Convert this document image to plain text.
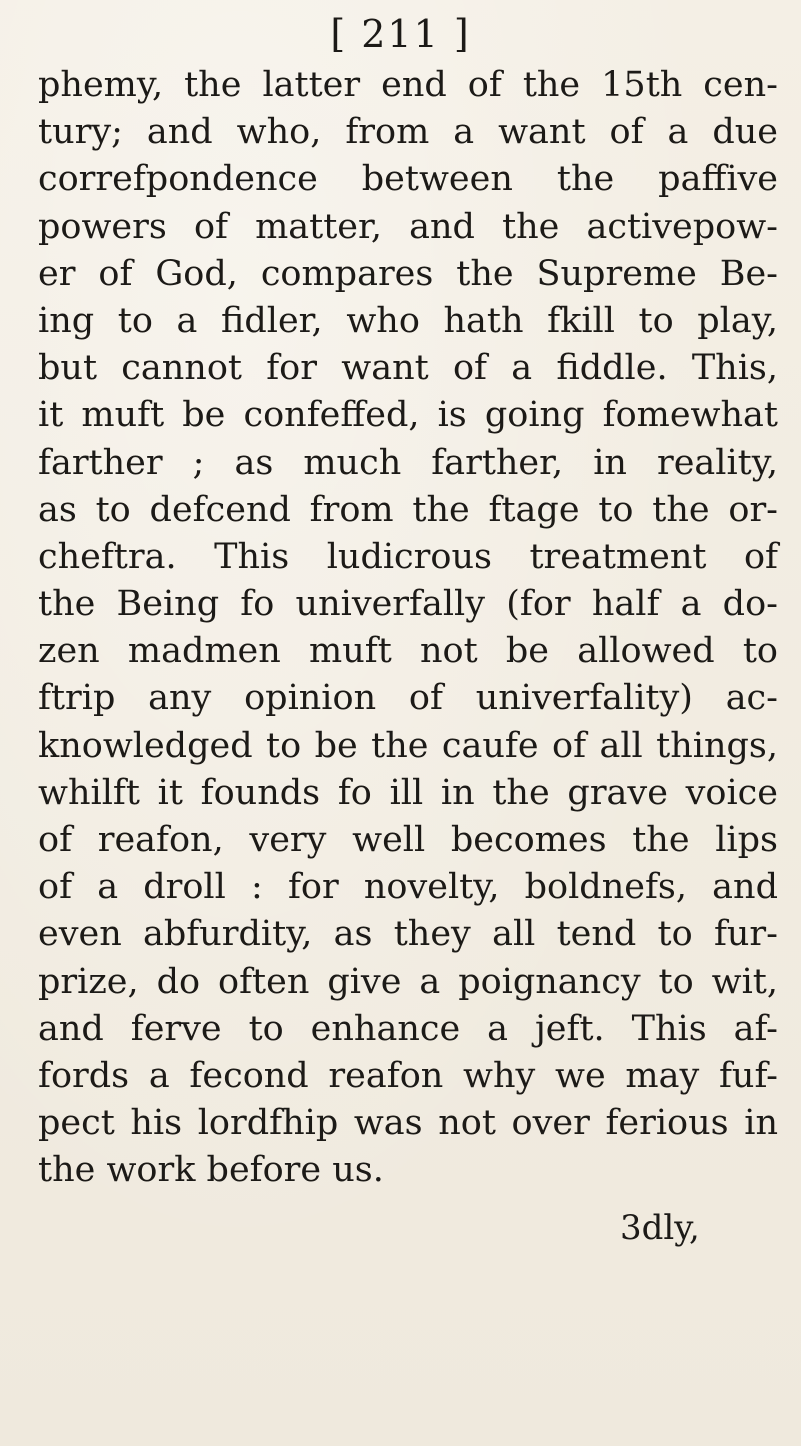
[ 211 ]
phemy, the latter end of the 15th cen-
tury; and who, from a want of a due
correfpondence between the paffive
powers of matter, and the activepow-
er of God, compares the Supreme Be-
ing to a fidler, who hath fkill to play,
but cannot for want of a fiddle. This,
it muft be confeffed, is going fomewhat
farther ; as much farther, in reality,
as to defcend from the ftage to the or-
cheftra. This ludicrous treatment of
the Being fo univerfally (for half a do-
zen madmen muft not be allowed to
ftrip any opinion of univerfality) ac-
knowledged to be the caufe of all things,
whilft it founds fo ill in the grave voice
of reafon, very well becomes the lips
of a droll : for novelty, boldnefs, and
even abfurdity, as they all tend to fur-
prize, do often give a poignancy to wit,
and ferve to enhance a jeft. This af-
fords a fecond reafon why we may fuf-
pect his lordfhip was not over ferious in
the work before us.
3dly,
